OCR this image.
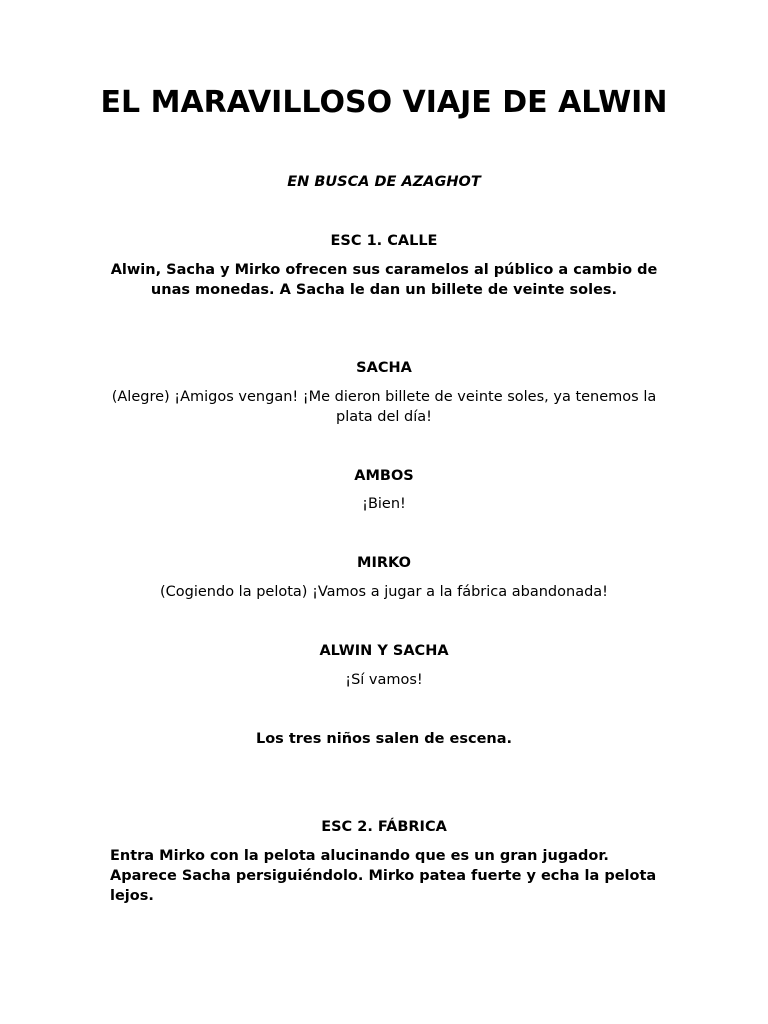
EL MARAVILLOSO VIAJE DE ALWIN

EN BUSCA DE AZAGHOT

ESC 1. CALLE

Alwin, Sacha y Mirko ofrecen sus caramelos al público a cambio de unas monedas. A Sacha le dan un billete de veinte soles.

SACHA

(Alegre) ¡Amigos vengan! ¡Me dieron billete de veinte soles, ya tenemos la plata del día!

AMBOS

¡Bien!

MIRKO

(Cogiendo la pelota) ¡Vamos a jugar a la fábrica abandonada!

ALWIN Y SACHA

¡Sí vamos!

Los tres niños salen de escena.

ESC 2. FÁBRICA

Entra Mirko con la pelota alucinando que es un gran jugador. Aparece Sacha persiguiéndolo. Mirko patea fuerte y echa la pelota lejos.
